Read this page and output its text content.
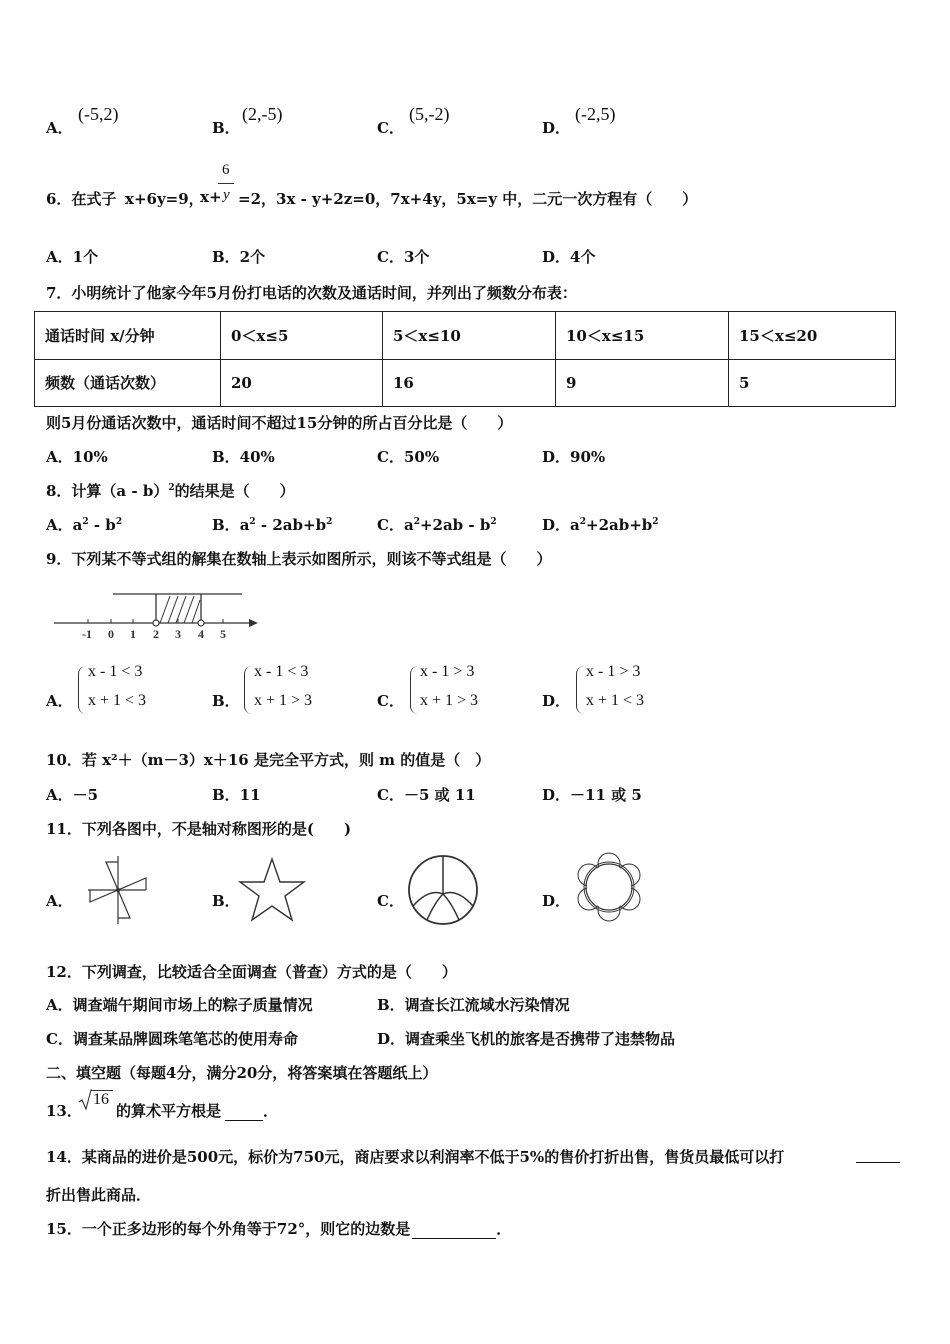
A．
(-5,2)
B．
(2,-5)
C．
(5,-2)
D．
(-2,5)
6．在式子 x+6y=9，
x+
6
y =2，3x - y+2z=0，7x+4y，5x=y 中，二元一次方程有（　　）
A．1个	B．2个	C．3个	D．4个
7．小明统计了他家今年5月份打电话的次数及通话时间，并列出了频数分布表：
通话时间 x/分钟	0＜x≤5	5＜x≤10	10＜x≤15	15＜x≤20
频数（通话次数）	20	16	9	5
则5月份通话次数中，通话时间不超过15分钟的所占百分比是（　　）
A．10%	B．40%	C．50%	D．90%
8．计算（a - b）$^2$的结果是（　　）
A．$a^2 - b^2$	B．$a^2 - 2ab+b^2$	C．$a^2+2ab - b^2$	D．$a^2+2ab+b^2$
9．下列某不等式组的解集在数轴上表示如图所示，则该不等式组是（　　）
-1 0 1 2 3 4 5
A．
x - 1 < 3
x + 1 < 3	B．
x - 1 < 3
x + 1 > 3	C．
x - 1 > 3
x + 1 > 3	D．
x - 1 > 3
x + 1 < 3
10．若 x²＋（m－3）x＋16 是完全平方式，则 m 的值是（　）
A．－5	B．11	C．－5 或 11	D．－11 或 5
11．下列各图中，不是轴对称图形的是(　　)
A．	B．	C．	D．
12．下列调查，比较适合全面调查（普查）方式的是（　　）
A．调查端午期间市场上的粽子质量情况	B．调查长江流域水污染情况
C．调查某品牌圆珠笔笔芯的使用寿命	D．调查乘坐飞机的旅客是否携带了违禁物品
二、填空题（每题4分，满分20分，将答案填在答题纸上）
13．
16
的算术平方根是	．
14．某商品的进价是500元，标价为750元，商店要求以利润率不低于5%的售价打折出售，售货员最低可以打
折出售此商品．
15．一个正多边形的每个外角等于72°，则它的边数是	．
